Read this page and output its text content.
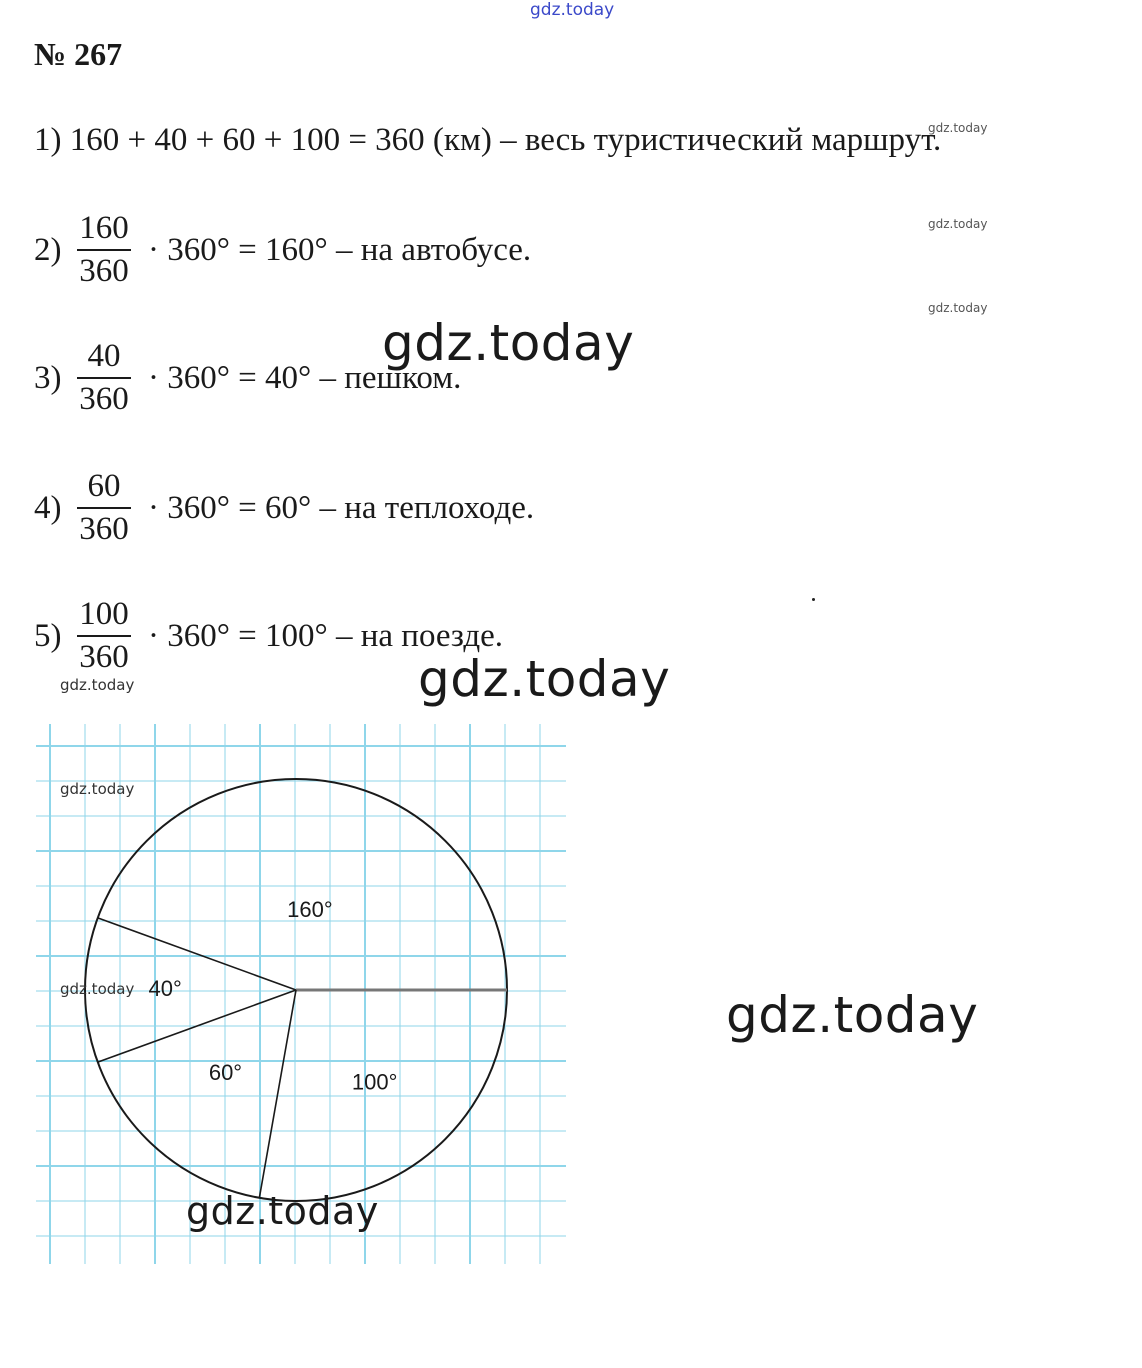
gdz.today
gdz.today
gdz.today
gdz.today
№ 267
1) 160 + 40 + 60 + 100 = 360 (км) – весь туристический маршрут.
$2) \frac{160}{360} \cdot 360^\circ = 160^\circ$ – на автобусе.
$3) \frac{40}{360} \cdot 360^\circ = 40^\circ$ – пешком.
$4) \frac{60}{360} \cdot 360^\circ = 60^\circ$ – на теплоходе.
$5) \frac{100}{360} \cdot 360^\circ = 100^\circ$ – на поезде.
gdz.today
gdz.today
gdz.today
160°
40°
60°	100°
gdz.today
gdz.today
gdz.today
gdz.today
